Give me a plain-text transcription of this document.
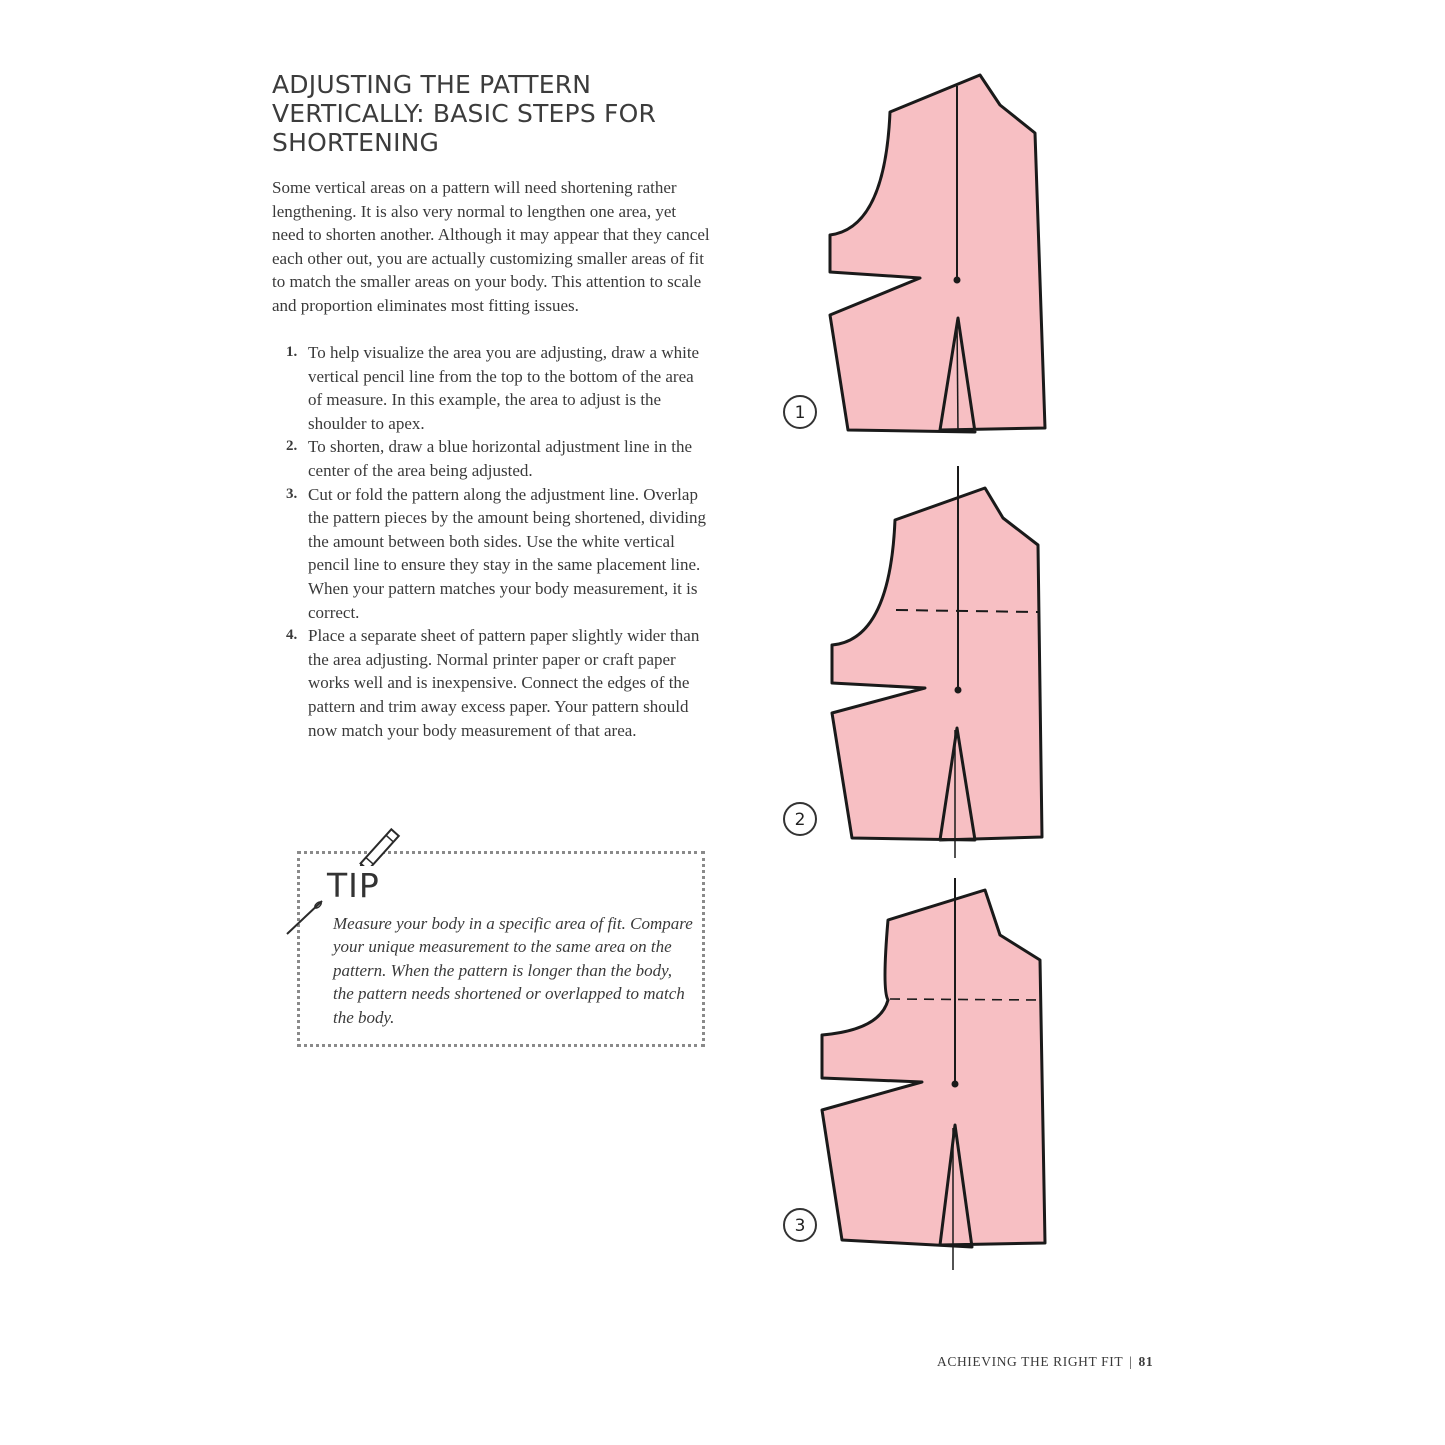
ADJUSTING THE PATTERN
VERTICALLY: BASIC STEPS FOR
SHORTENING

Some vertical areas on a pattern will need shortening rather lengthening. It is also very normal to lengthen one area, yet need to shorten another. Although it may appear that they cancel each other out, you are actually customizing smaller areas of fit to match the smaller areas on your body. This attention to scale and proportion eliminates most fitting issues.

1. To help visualize the area you are adjusting, draw a white vertical pencil line from the top to the bottom of the area of measure. In this example, the area to adjust is the shoulder to apex.
2. To shorten, draw a blue horizontal adjustment line in the center of the area being adjusted.
3. Cut or fold the pattern along the adjustment line. Overlap the pattern pieces by the amount being shortened, dividing the amount between both sides. Use the white vertical pencil line to ensure they stay in the same placement line. When your pattern matches your body measurement, it is correct.
4. Place a separate sheet of pattern paper slightly wider than the area adjusting. Normal printer paper or craft paper works well and is inexpensive. Connect the edges of the pattern and trim away excess paper. Your pattern should now match your body measurement of that area.
TIP

Measure your body in a specific area of fit. Compare your unique measurement to the same area on the pattern. When the pattern is longer than the body, the pattern needs shortened or overlapped to match the body.

1
2
3
ACHIEVING THE RIGHT FIT | 81
